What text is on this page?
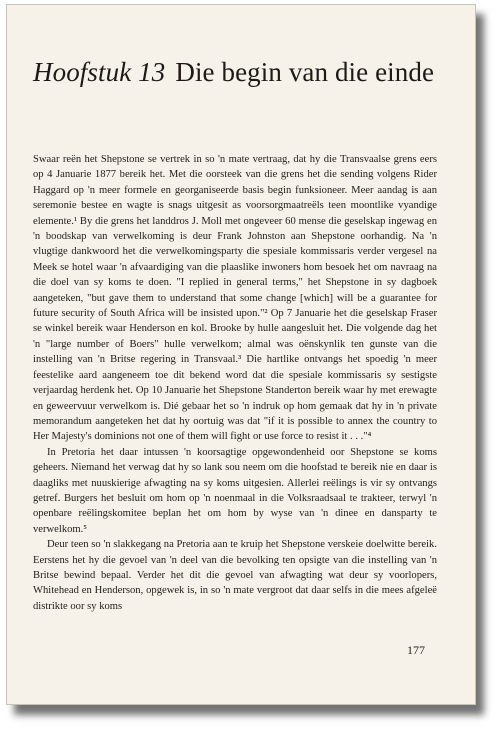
Hoofstuk 13 Die begin van die einde

Swaar reën het Shepstone se vertrek in so 'n mate vertraag, dat hy die Transvaalse grens eers op 4 Januarie 1877 bereik het. Met die oorsteek van die grens het die sending volgens Rider Haggard op 'n meer formele en georganiseerde basis begin funksioneer. Meer aandag is aan seremonie bestee en wagte is snags uitgesit as voorsorgmaatreëls teen moontlike vyandige elemente.¹ By die grens het landdros J. Moll met ongeveer 60 mense die geselskap ingewag en 'n boodskap van verwelkoming is deur Frank Johnston aan Shepstone oorhandig. Na 'n vlugtige dankwoord het die verwelkomingsparty die spesiale kommissaris verder vergesel na Meek se hotel waar 'n afvaardiging van die plaaslike inwoners hom besoek het om navraag na die doel van sy koms te doen. "I replied in general terms," het Shepstone in sy dagboek aangeteken, "but gave them to understand that some change [which] will be a guarantee for future security of South Africa will be insisted upon."² Op 7 Januarie het die geselskap Fraser se winkel bereik waar Henderson en kol. Brooke by hulle aangesluit het. Die volgende dag het 'n "large number of Boers" hulle verwelkom; almal was oënskynlik ten gunste van die instelling van 'n Britse regering in Transvaal.³ Die hartlike ontvangs het spoedig 'n meer feestelike aard aangeneem toe dit bekend word dat die spesiale kommissaris sy sestigste verjaardag herdenk het. Op 10 Januarie het Shepstone Standerton bereik waar hy met erewagte en geweervuur verwelkom is. Dié gebaar het so 'n indruk op hom gemaak dat hy in 'n private memorandum aangeteken het dat hy oortuig was dat "if it is possible to annex the country to Her Majesty's dominions not one of them will fight or use force to resist it . . ."⁴

In Pretoria het daar intussen 'n koorsagtige opgewondenheid oor Shepstone se koms geheers. Niemand het verwag dat hy so lank sou neem om die hoofstad te bereik nie en daar is daagliks met nuuskierige afwagting na sy koms uitgesien. Allerlei reëlings is vir sy ontvangs getref. Burgers het besluit om hom op 'n noenmaal in die Volksraadsaal te trakteer, terwyl 'n openbare reëlingskomitee beplan het om hom by wyse van 'n dinee en dansparty te verwelkom.⁵

Deur teen so 'n slakkegang na Pretoria aan te kruip het Shepstone verskeie doelwitte bereik. Eerstens het hy die gevoel van 'n deel van die bevolking ten opsigte van die instelling van 'n Britse bewind bepaal. Verder het dit die gevoel van afwagting wat deur sy voorlopers, Whitehead en Henderson, opgewek is, in so 'n mate vergroot dat daar selfs in die mees afgeleë distrikte oor sy koms

177
